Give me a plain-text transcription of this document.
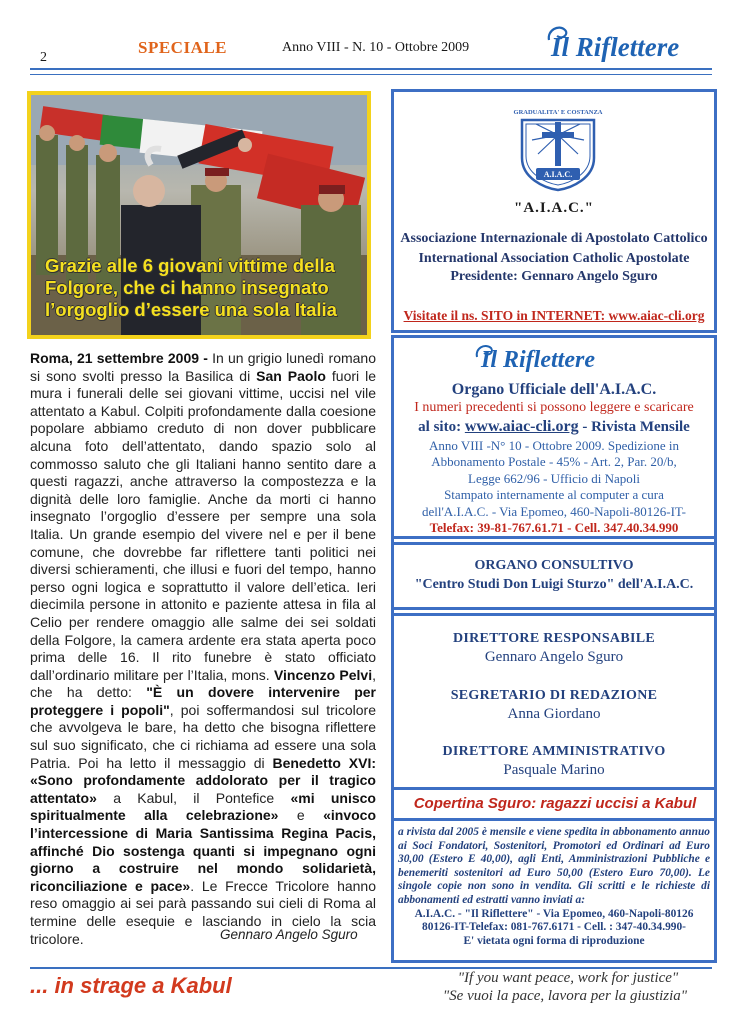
2
SPECIALE	Anno VIII - N. 10 - Ottobre 2009	Il Riflettere
Grazie alle 6 giovani vittime della
Folgore, che ci hanno insegnato
l’orgoglio d’essere una sola Italia
Roma, 21 settembre 2009 - In un grigio lunedì romano si sono svolti presso la Basilica di San Paolo fuori le mura i funerali delle sei giovani vittime, uccisi nel vile attentato a Kabul. Colpiti profondamente dalla coesione popolare abbiamo creduto di non dover pubblicare alcuna foto dell’attentato, dando spazio solo al commosso saluto che gli Italiani hanno sentito dare a questi ragazzi, anche attraverso la compostezza e la dignità delle loro famiglie. Anche da morti ci hanno insegnato l’orgoglio d’essere per sempre una sola Italia. Un grande esempio del vivere nel e per il bene comune, che dovrebbe far riflettere tanti politici nei diversi schieramenti, che illusi e fuori del tempo, hanno perso ogni logica e soprattutto il valore dell’etica. Ieri diecimila persone in attonito e paziente attesa in fila al Celio per rendere omaggio alle salme dei sei soldati della Folgore, la camera ardente era stata aperta poco prima delle 16. Il rito funebre è stato officiato dall’ordinario militare per l’Italia, mons. Vincenzo Pelvi, che ha detto: "È un dovere intervenire per proteggere i popoli", poi soffermandosi sul tricolore che avvolgeva le bare, ha detto che bisogna riflettere sul suo significato, che ci richiama ad essere una sola Patria. Poi ha letto il messaggio di Benedetto XVI: «Sono profondamente addolorato per il tragico attentato» a Kabul, il Pontefice «mi unisco spiritualmente alla celebrazione» e «invoco l’intercessione di Maria Santissima Regina Pacis, affinché Dio sostenga quanti si impegnano ogni giorno a costruire nel mondo solidarietà, riconciliazione e pace». Le Frecce Tricolore hanno reso omaggio ai sei parà passando sui cieli di Roma al termine delle esequie e lasciando in cielo la scia tricolore.	Gennaro Angelo Sguro
A.I.A.C.
GRADUALITA' E COSTANZA
"A.I.A.C."
Associazione Internazionale di Apostolato Cattolico
International Association Catholic Apostolate
Presidente: Gennaro Angelo Sguro
Visitate il ns. SITO in INTERNET: www.aiac-cli.org
Il Riflettere
Organo Ufficiale dell'A.I.A.C.
I numeri precedenti si possono leggere e scaricare
al sito: www.aiac-cli.org - Rivista Mensile
Anno VIII -N° 10 - Ottobre 2009. Spedizione in
Abbonamento Postale - 45% - Art. 2, Par. 20/b,
Legge 662/96 - Ufficio di Napoli
Stampato internamente al computer a cura
dell'A.I.A.C. - Via Epomeo, 460-Napoli-80126-IT-
Telefax: 39-81-767.61.71 - Cell. 347.40.34.990
ORGANO CONSULTIVO
"Centro Studi Don Luigi Sturzo" dell'A.I.A.C.
DIRETTORE RESPONSABILE
Gennaro Angelo Sguro
SEGRETARIO DI REDAZIONE
Anna Giordano
DIRETTORE AMMINISTRATIVO
Pasquale Marino
Copertina Sguro: ragazzi uccisi a Kabul
a rivista dal 2005 è mensile e viene spedita in abbonamento annuo ai Soci Fondatori, Sostenitori, Promotori ed Ordinari ad Euro 30,00 (Estero E 40,00), agli Enti, Amministrazioni Pubbliche e benemeriti sostenitori ad Euro 50,00 (Estero Euro 70,00). Le singole copie non sono in vendita. Gli scritti e le richieste di abbonamenti ed estratti vanno inviati a:
A.I.A.C. - "Il Riflettere" - Via Epomeo, 460-Napoli-80126
80126-IT-Telefax: 081-767.6171 - Cell. : 347-40.34.990-
E' vietata ogni forma di riproduzione
... in strage a Kabul	"If you want peace, work for justice"
"Se vuoi la pace, lavora per la giustizia"
